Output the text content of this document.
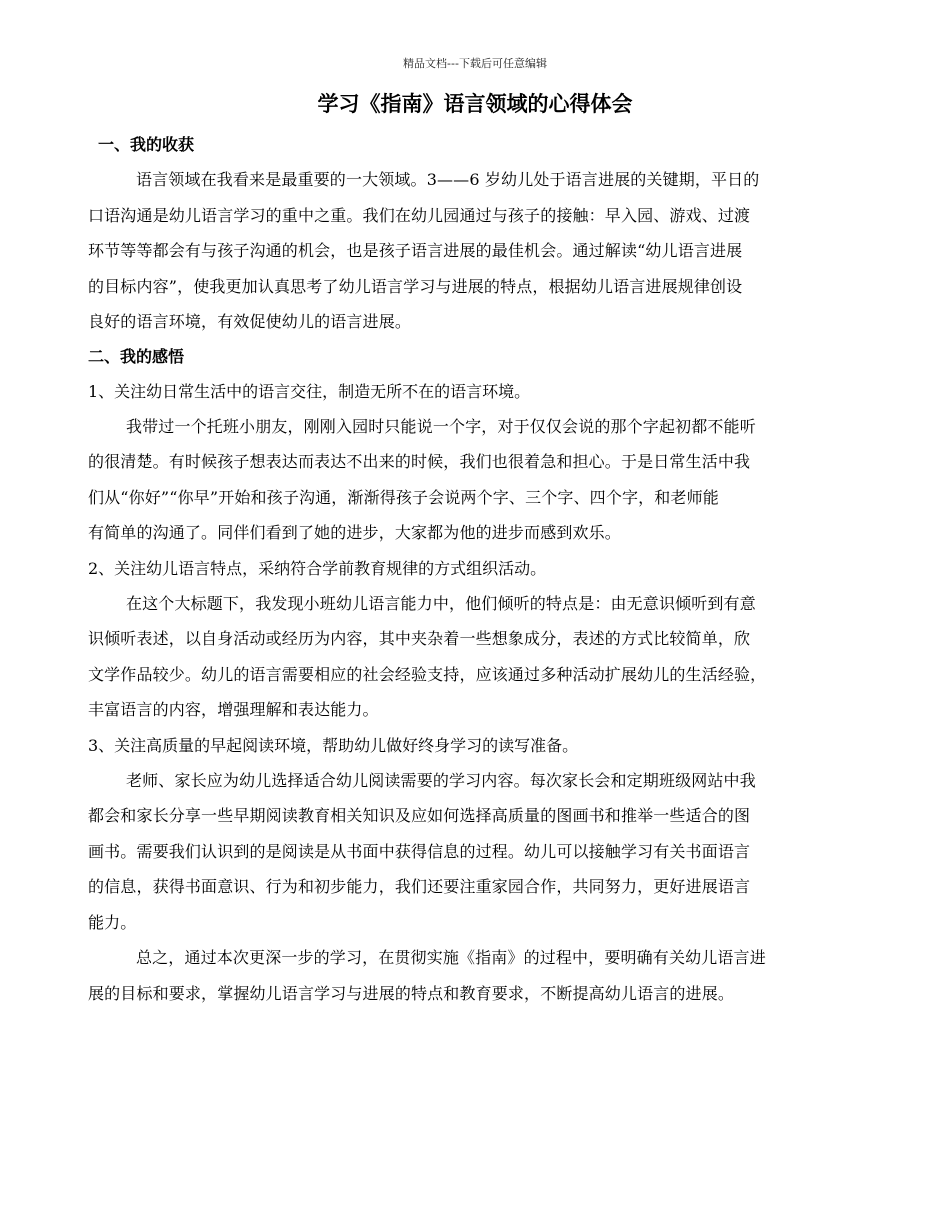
精品文档---下载后可任意编辑
学习《指南》语言领域的心得体会

一、我的收获

语言领域在我看来是最重要的一大领域。3——6 岁幼儿处于语言进展的关键期，平日的

口语沟通是幼儿语言学习的重中之重。我们在幼儿园通过与孩子的接触：早入园、游戏、过渡

环节等等都会有与孩子沟通的机会，也是孩子语言进展的最佳机会。通过解读“幼儿语言进展

的目标内容”，使我更加认真思考了幼儿语言学习与进展的特点，根据幼儿语言进展规律创设

良好的语言环境，有效促使幼儿的语言进展。

二、我的感悟

1、关注幼日常生活中的语言交往，制造无所不在的语言环境。

我带过一个托班小朋友，刚刚入园时只能说一个字，对于仅仅会说的那个字起初都不能听

的很清楚。有时候孩子想表达而表达不出来的时候，我们也很着急和担心。于是日常生活中我

们从“你好”“你早”开始和孩子沟通，渐渐得孩子会说两个字、三个字、四个字，和老师能

有简单的沟通了。同伴们看到了她的进步，大家都为他的进步而感到欢乐。

2、关注幼儿语言特点，采纳符合学前教育规律的方式组织活动。

在这个大标题下，我发现小班幼儿语言能力中，他们倾听的特点是：由无意识倾听到有意

识倾听表述，以自身活动或经历为内容，其中夹杂着一些想象成分，表述的方式比较简单，欣

文学作品较少。幼儿的语言需要相应的社会经验支持，应该通过多种活动扩展幼儿的生活经验，

丰富语言的内容，增强理解和表达能力。

3、关注高质量的早起阅读环境，帮助幼儿做好终身学习的读写准备。

老师、家长应为幼儿选择适合幼儿阅读需要的学习内容。每次家长会和定期班级网站中我

都会和家长分享一些早期阅读教育相关知识及应如何选择高质量的图画书和推举一些适合的图

画书。需要我们认识到的是阅读是从书面中获得信息的过程。幼儿可以接触学习有关书面语言

的信息，获得书面意识、行为和初步能力，我们还要注重家园合作，共同努力，更好进展语言

能力。

总之，通过本次更深一步的学习，在贯彻实施《指南》的过程中，要明确有关幼儿语言进

展的目标和要求，掌握幼儿语言学习与进展的特点和教育要求，不断提高幼儿语言的进展。
